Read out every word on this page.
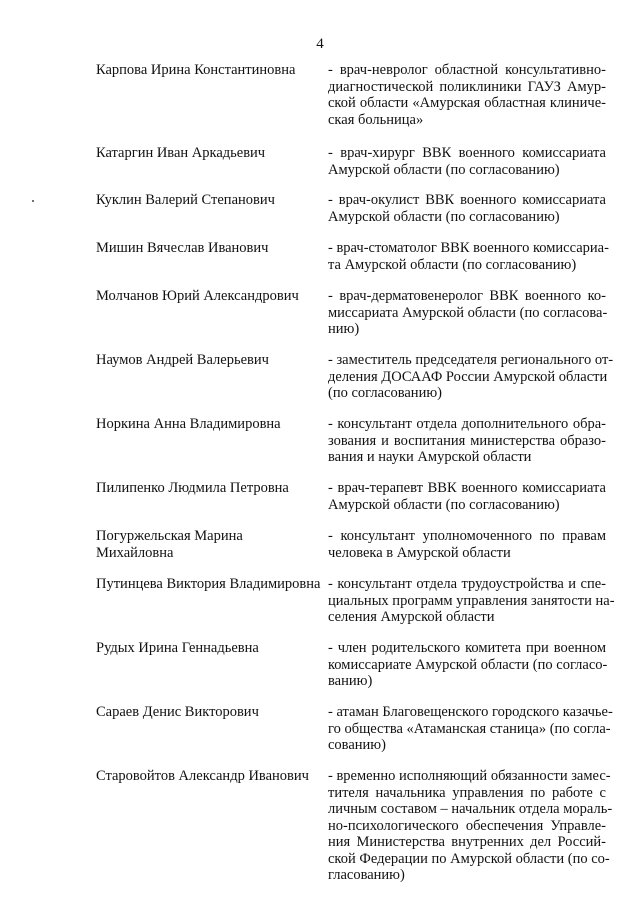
4
Карпова Ирина Константиновна	- врач-невролог областной консультативно-
диагностической поликлиники ГАУЗ Амур-
ской области «Амурская областная клиниче-
ская больница»
Катаргин Иван Аркадьевич	- врач-хирург ВВК военного комиссариата
Амурской области (по согласованию)
Куклин Валерий Степанович	- врач-окулист ВВК военного комиссариата
Амурской области (по согласованию)
Мишин Вячеслав Иванович	- врач-стоматолог ВВК военного комиссариа-
та Амурской области (по согласованию)
Молчанов Юрий Александрович	- врач-дерматовенеролог ВВК военного ко-
миссариата Амурской области (по согласова-
нию)
Наумов Андрей Валерьевич	- заместитель председателя регионального от-
деления ДОСААФ России Амурской области
(по согласованию)
Норкина Анна Владимировна	- консультант отдела дополнительного обра-
зования и воспитания министерства образо-
вания и науки Амурской области
Пилипенко Людмила Петровна	- врач-терапевт ВВК военного комиссариата
Амурской области (по согласованию)
Погуржельская Марина
Михайловна
- консультант уполномоченного по правам
человека в Амурской области
Путинцева Виктория Владимировна - консультант отдела трудоустройства и спе-
циальных программ управления занятости на-
селения Амурской области
Рудых Ирина Геннадьевна	- член родительского комитета при военном
комиссариате Амурской области (по согласо-
ванию)
Сараев Денис Викторович	- атаман Благовещенского городского казачье-
го общества «Атаманская станица» (по согла-
сованию)
Старовойтов Александр Иванович	- временно исполняющий обязанности замес-
тителя начальника управления по работе с
личным составом – начальник отдела мораль-
но-психологического обеспечения Управле-
ния Министерства внутренних дел Россий-
ской Федерации по Амурской области (по со-
гласованию)
